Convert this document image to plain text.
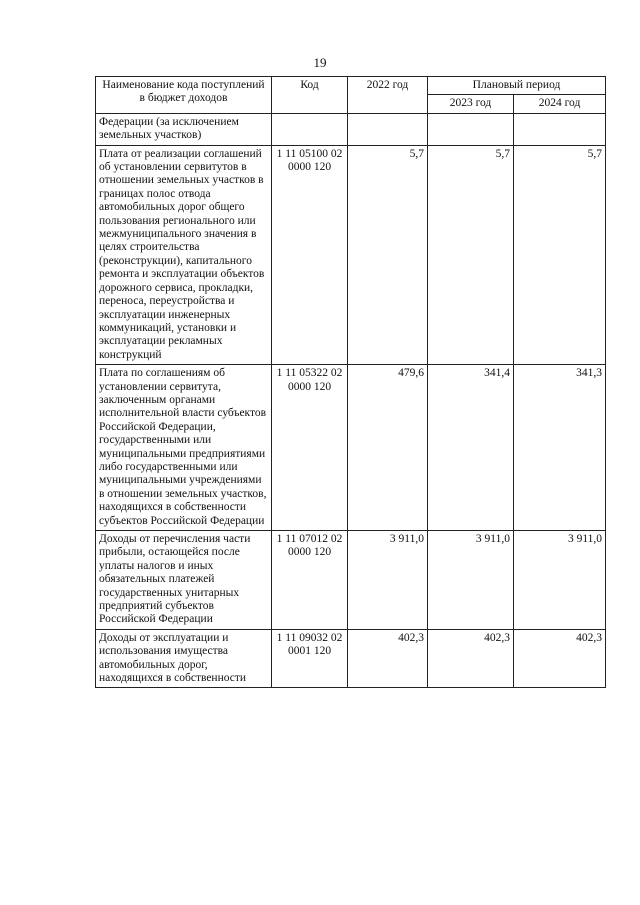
19
Наименование кода поступлений в бюджет доходов	Код	2022 год	Плановый период	
			2023 год	2024 год
Федерации (за исключением земельных участков)				
Плата от реализации соглашений об установлении сервитутов в отношении земельных участков в границах полос отвода автомобильных дорог общего пользования регионального или межмуниципального значения в целях строительства (реконструкции), капитального ремонта и эксплуатации объектов дорожного сервиса, прокладки, переноса, переустройства и эксплуатации инженерных коммуникаций, установки и эксплуатации рекламных конструкций	1 11 05100 02 0000 120	5,7	5,7	5,7
Плата по соглашениям об установлении сервитута, заключенным органами исполнительной власти субъектов Российской Федерации, государственными или муниципальными предприятиями либо государственными или муниципальными учреждениями в отношении земельных участков, находящихся в собственности субъектов Российской Федерации	1 11 05322 02 0000 120	479,6	341,4	341,3
Доходы от перечисления части прибыли, остающейся после уплаты налогов и иных обязательных платежей государственных унитарных предприятий субъектов Российской Федерации	1 11 07012 02 0000 120	3 911,0	3 911,0	3 911,0
Доходы от эксплуатации и использования имущества автомобильных дорог, находящихся в собственности	1 11 09032 02 0001 120	402,3	402,3	402,3
